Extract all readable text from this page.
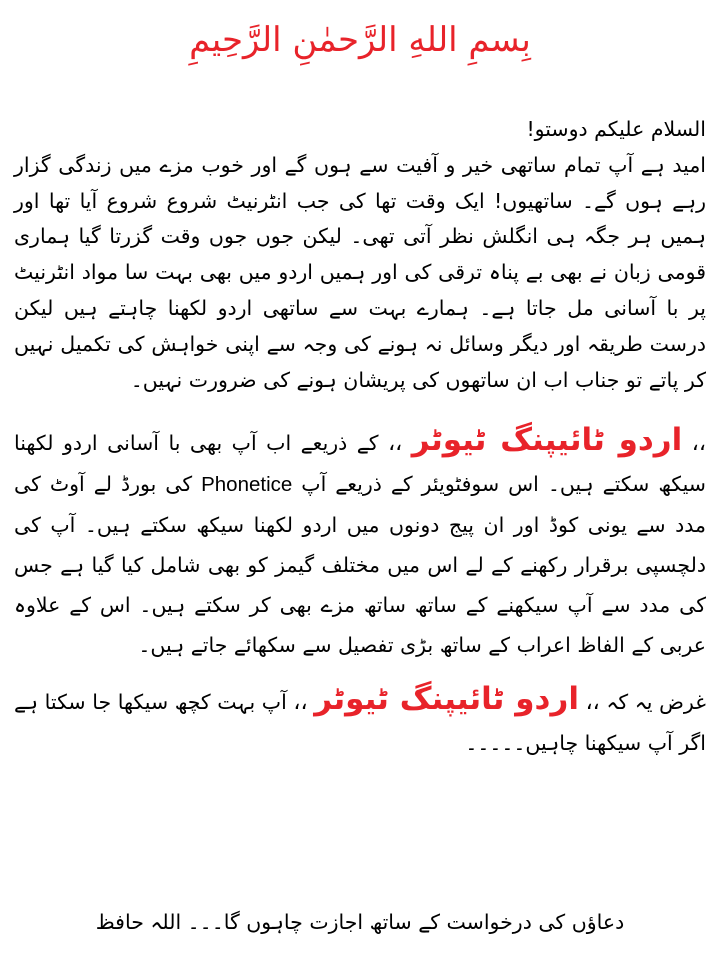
بِسمِ اللهِ الرَّحمٰنِ الرَّحِیمِ

السلام علیکم دوستو!

امید ہے آپ تمام ساتھی خیر و آفیت سے ہوں گے اور خوب مزے میں زندگی گزار رہے ہوں گے۔ ساتھیوں! ایک وقت تھا کی جب انٹرنیٹ شروع شروع آیا تھا اور ہمیں ہر جگہ ہی انگلش نظر آتی تھی۔ لیکن جوں جوں وقت گزرتا گیا ہماری قومی زبان نے بھی بے پناہ ترقی کی اور ہمیں اردو میں بھی بہت سا مواد انٹرنیٹ پر با آسانی مل جاتا ہے۔ ہمارے بہت سے ساتھی اردو لکھنا چاہتے ہیں لیکن درست طریقہ اور دیگر وسائل نہ ہونے کی وجہ سے اپنی خواہش کی تکمیل نہیں کر پاتے تو جناب اب ان ساتھوں کی پریشان ہونے کی ضرورت نہیں۔

،، اردو ٹائیپنگ ٹیوٹر ،، کے ذریعے اب آپ بھی با آسانی اردو لکھنا سیکھ سکتے ہیں۔ اس سوفٹویئر کے ذریعے آپ Phonetice کی بورڈ لے آوٹ کی مدد سے یونی کوڈ اور ان پیج دونوں میں اردو لکھنا سیکھ سکتے ہیں۔ آپ کی دلچسپی برقرار رکھنے کے لے اس میں مختلف گیمز کو بھی شامل کیا گیا ہے جس کی مدد سے آپ سیکھنے کے ساتھ ساتھ مزے بھی کر سکتے ہیں۔ اس کے علاوہ عربی کے الفاظ اعراب کے ساتھ بڑی تفصیل سے سکھائے جاتے ہیں۔

غرض یہ کہ ،، اردو ٹائیپنگ ٹیوٹر ،، آپ بہت کچھ سیکھا جا سکتا ہے اگر آپ سیکھنا چاہیں۔۔۔۔۔

دعاؤں کی درخواست کے ساتھ اجازت چاہوں گا۔۔۔ اللہ حافظ
